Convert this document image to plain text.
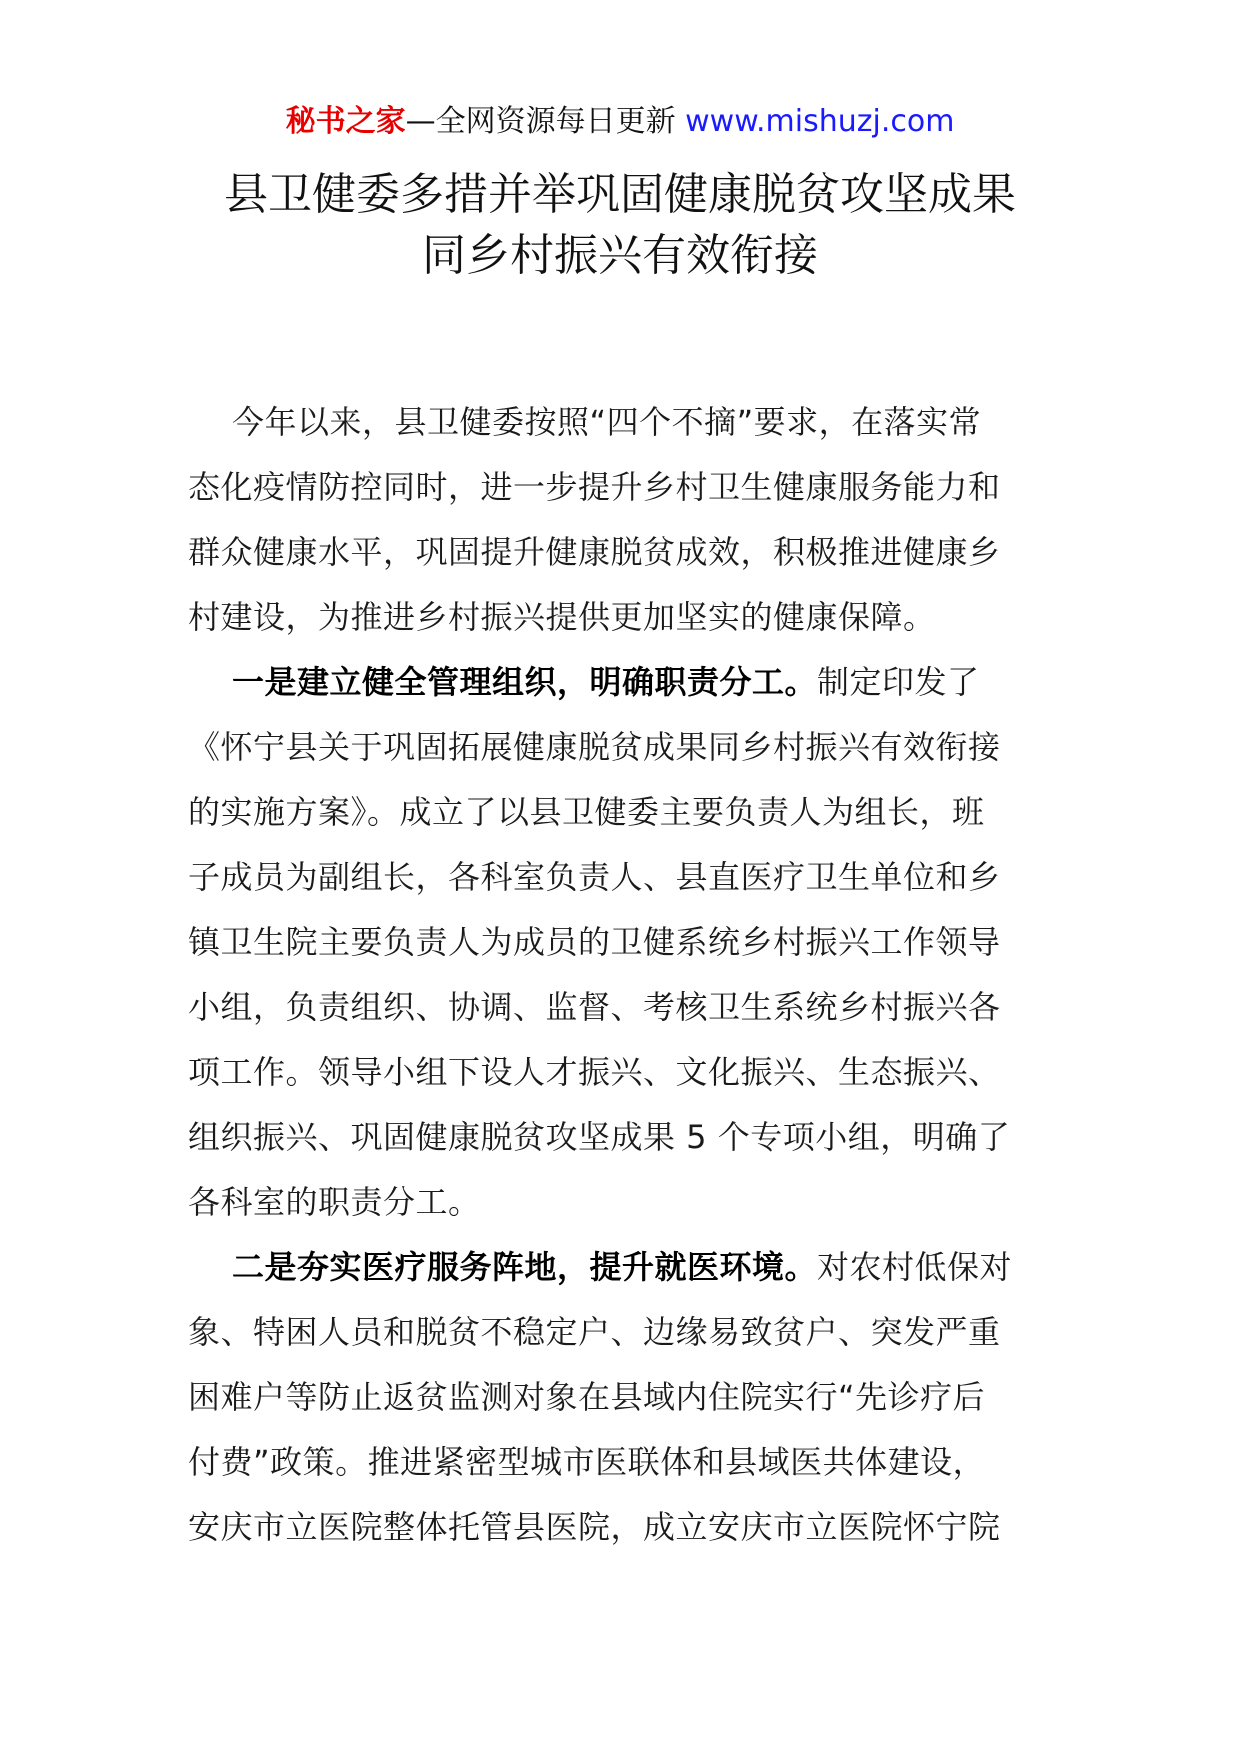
秘书之家—全网资源每日更新 www.mishuzj.com
县卫健委多措并举巩固健康脱贫攻坚成果
同乡村振兴有效衔接
今年以来，县卫健委按照“四个不摘”要求，在落实常
态化疫情防控同时，进一步提升乡村卫生健康服务能力和
群众健康水平，巩固提升健康脱贫成效，积极推进健康乡
村建设，为推进乡村振兴提供更加坚实的健康保障。
一是建立健全管理组织，明确职责分工。制定印发了
《怀宁县关于巩固拓展健康脱贫成果同乡村振兴有效衔接
的实施方案》。成立了以县卫健委主要负责人为组长，班
子成员为副组长，各科室负责人、县直医疗卫生单位和乡
镇卫生院主要负责人为成员的卫健系统乡村振兴工作领导
小组，负责组织、协调、监督、考核卫生系统乡村振兴各
项工作。领导小组下设人才振兴、文化振兴、生态振兴、
组织振兴、巩固健康脱贫攻坚成果 5 个专项小组，明确了
各科室的职责分工。
二是夯实医疗服务阵地，提升就医环境。对农村低保对
象、特困人员和脱贫不稳定户、边缘易致贫户、突发严重
困难户等防止返贫监测对象在县域内住院实行“先诊疗后
付费”政策。推进紧密型城市医联体和县域医共体建设，
安庆市立医院整体托管县医院，成立安庆市立医院怀宁院
